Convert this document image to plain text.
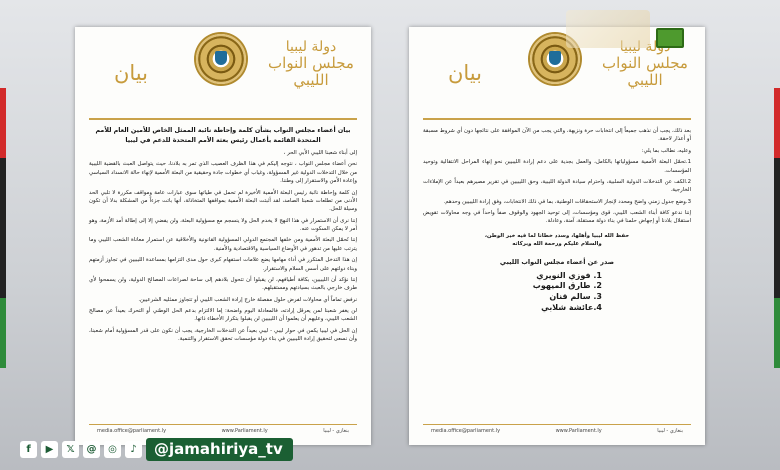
بيان
دولة ليبيا
مجلس النواب الليبي
بيان أعضاء مجلس النواب بشأن كلمة وإحاطة نائبة الممثل الخاص للأمين العام للأمم المتحدة القائمة بأعمال رئيس بعثة الأمم المتحدة للدعم في ليبيا

إلى أبناء شعبنا الليبي الأبي الحر ،

نحن أعضاء مجلس النواب ، نتوجه إليكم في هذا الظرف العصيب الذي تمر به بلادنا، حيث يتواصل العبث بالقضية الليبية من خلال التدخلات الدولية غير المسؤولة، وغياب أي خطوات جادة وحقيقية من البعثة الأممية لإنهاء حالة الانسداد السياسي وإعادة الأمن والاستقرار إلى وطننا.

إن كلمة وإحاطة نائبة رئيس البعثة الأممية الأخيرة لم تحمل في طياتها سوى عبارات عامة ومواقف مكررة لا تلبي الحد الأدنى من تطلعات شعبنا الصامد، لقد أثبتت البعثة الأممية بمواقفها المتخاذلة، أنها باتت جزءاً من المشكلة بدلا أن تكون وسيلة للحل.

إننا نرى أن الاستمرار في هذا النهج لا يخدم الحل ولا ينسجم مع مسؤولية البعثة، ولن يفضي إلا إلى إطالة أمد الأزمة، وهو أمر لا يمكن السكوت عنه.

إننا نُحمّل البعثة الأممية ومن خلفها المجتمع الدولي المسؤولية القانونية والأخلاقية عن استمرار معاناة الشعب الليبي وما يترتب عليها من تدهور في الأوضاع السياسية والاقتصادية والأمنية.

إن هذا التدخل المتكرر في أداء مهامها يضع علامات استفهام كبرى حول مدى التزامها بمساعدة الليبيين في تجاوز أزمتهم وبناء دولتهم على أسس السلام والاستقرار.

إننا نؤكد أن الليبيين، بكافة أطيافهم، لن يقبلوا أن تتحول بلادهم إلى ساحة لصراعات المصالح الدولية، ولن يسمحوا لأي طرف خارجي بالعبث بسيادتهم ومستقبلهم.

نرفض تماماً أي محاولات لفرض حلول مفصلة خارج إرادة الشعب الليبي أو تتجاوز ممثليه الشرعيين.

لن يغفر شعبنا لمن يعرقل إرادته، فالمعادلة اليوم واضحة: إما الالتزام بدعم الحل الوطني أو التحرك بعيداً عن مصالح الشعب الليبي، وعليهم أن يعلموا أن الليبيين لن يقبلوا بتكرار الأخطاء ذاتها.

إن الحل في ليبيا يكمن في حوار ليبي - ليبي بعيداً عن التدخلات الخارجية، يجب أن نكون على قدر المسؤولية أمام شعبنا، وأن نسعى لتحقيق إرادة الليبيين في بناء دولة مؤسسات تحقق الاستقرار والتنمية.

media.office@parliament.ly	www.Parliament.ly	بنغازي - ليبيا
بيان	مجلس النواب الليبي

بعد ذلك، يجب أن نذهب جميعاً إلى انتخابات حرة ونزيهة، والتي يجب من الآن الموافقة على نتائجها دون أي شروط مسبقة أو أعذار لاحقة.

وعليه، نطالب بما يلي:

1.تحمّل البعثة الأممية مسؤولياتها بالكامل، والعمل بجدية على دعم إرادة الليبيين نحو إنهاء المراحل الانتقالية وتوحيد المؤسسات.

2.الكف عن التدخلات الدولية السلبية، واحترام سيادة الدولة الليبية، وحق الليبيين في تقرير مصيرهم بعيداً عن الإملاءات الخارجية.

3.وضع جدول زمني واضح ومحدد لإنجاز الاستحقاقات الوطنية، بما في ذلك الانتخابات، وفق إرادة الليبيين وحدهم.

إننا ندعو كافة أبناء الشعب الليبي، قوى ومؤسسات، إلى توحيد الجهود والوقوف صفاً واحداً في وجه محاولات تقويض استقلال بلادنا أو إجهاض حلمنا في بناء دولة مستقلة، آمنة، وعادلة.

حفظ الله ليبيا وأهلها، وسدد خطانا لما فيه خير الوطن،
والسلام عليكم ورحمة الله وبركاته
صدر عن أعضاء مجلس النواب الليبي
1. فوزي النويري
2. طارق الميهوب
3. سالم قنان
4.عائشة شلابي
media.office@parliament.ly	www.Parliament.ly	بنغازي - ليبيا
f	▶	𝕏	@	◎	♪	@jamahiriya_tv
